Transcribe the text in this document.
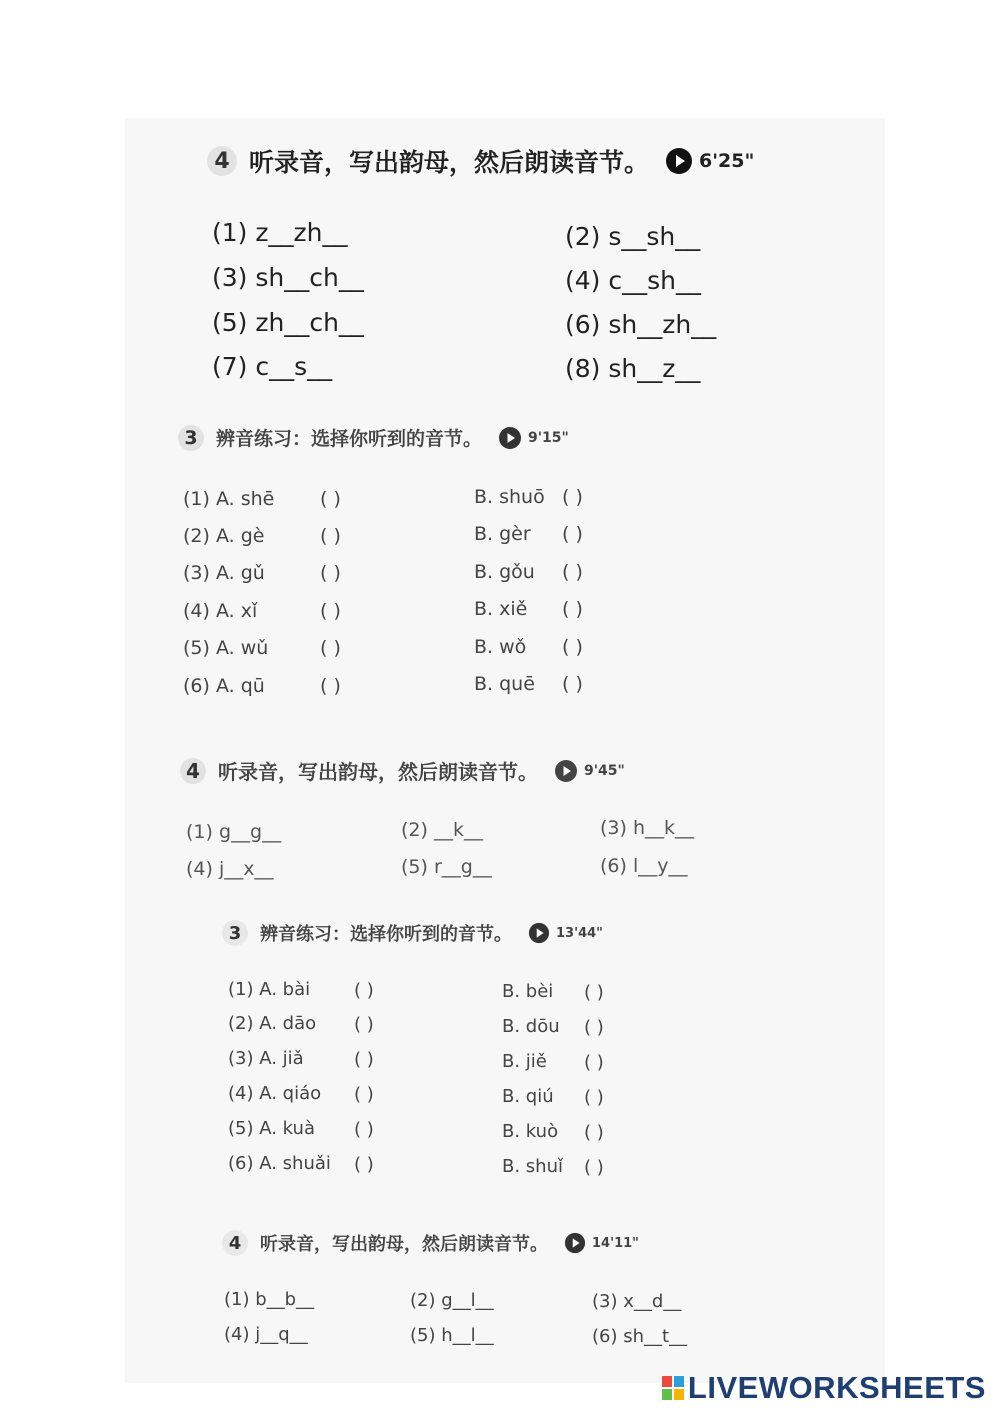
4 听录音，写出韵母，然后朗读音节。	6'25"
(1) z__zh__	(2) s__sh__
(3) sh__ch__	(4) c__sh__
(5) zh__ch__	(6) sh__zh__
(7) c__s__	(8) sh__z__
3 辨音练习：选择你听到的音节。	9'15"
(1) A. shē ( )	B. shuō ( )
(2) A. gè	( )	B. gèr ( )
(3) A. gǔ	( )	B. gǒu ( )
(4) A. xǐ	( )	B. xiě ( )
(5) A. wǔ	( )	B. wǒ ( )
(6) A. qū	( )	B. quē ( )
4 听录音，写出韵母，然后朗读音节。	9'45"
(1) g__g__	(2) __k__	(3) h__k__
(4) j__x__	(5) r__g__	(6) l__y__
3	辨音练习：选择你听到的音节。	13'44"
(1) A. bài ( )	B. bèi ( )
(2) A. dāo ( )	B. dōu ( )
(3) A. jiǎ	( )	B. jiě ( )
(4) A. qiáo ( )	B. qiú ( )
(5) A. kuà ( )	B. kuò ( )
(6) A. shuǎi ( )	B. shuǐ ( )
4	听录音，写出韵母，然后朗读音节。	14'11"
(1) b__b__	(2) g__l__	(3) x__d__
(4) j__q__	(5) h__l__	(6) sh__t__
LIVEWORKSHEETS
